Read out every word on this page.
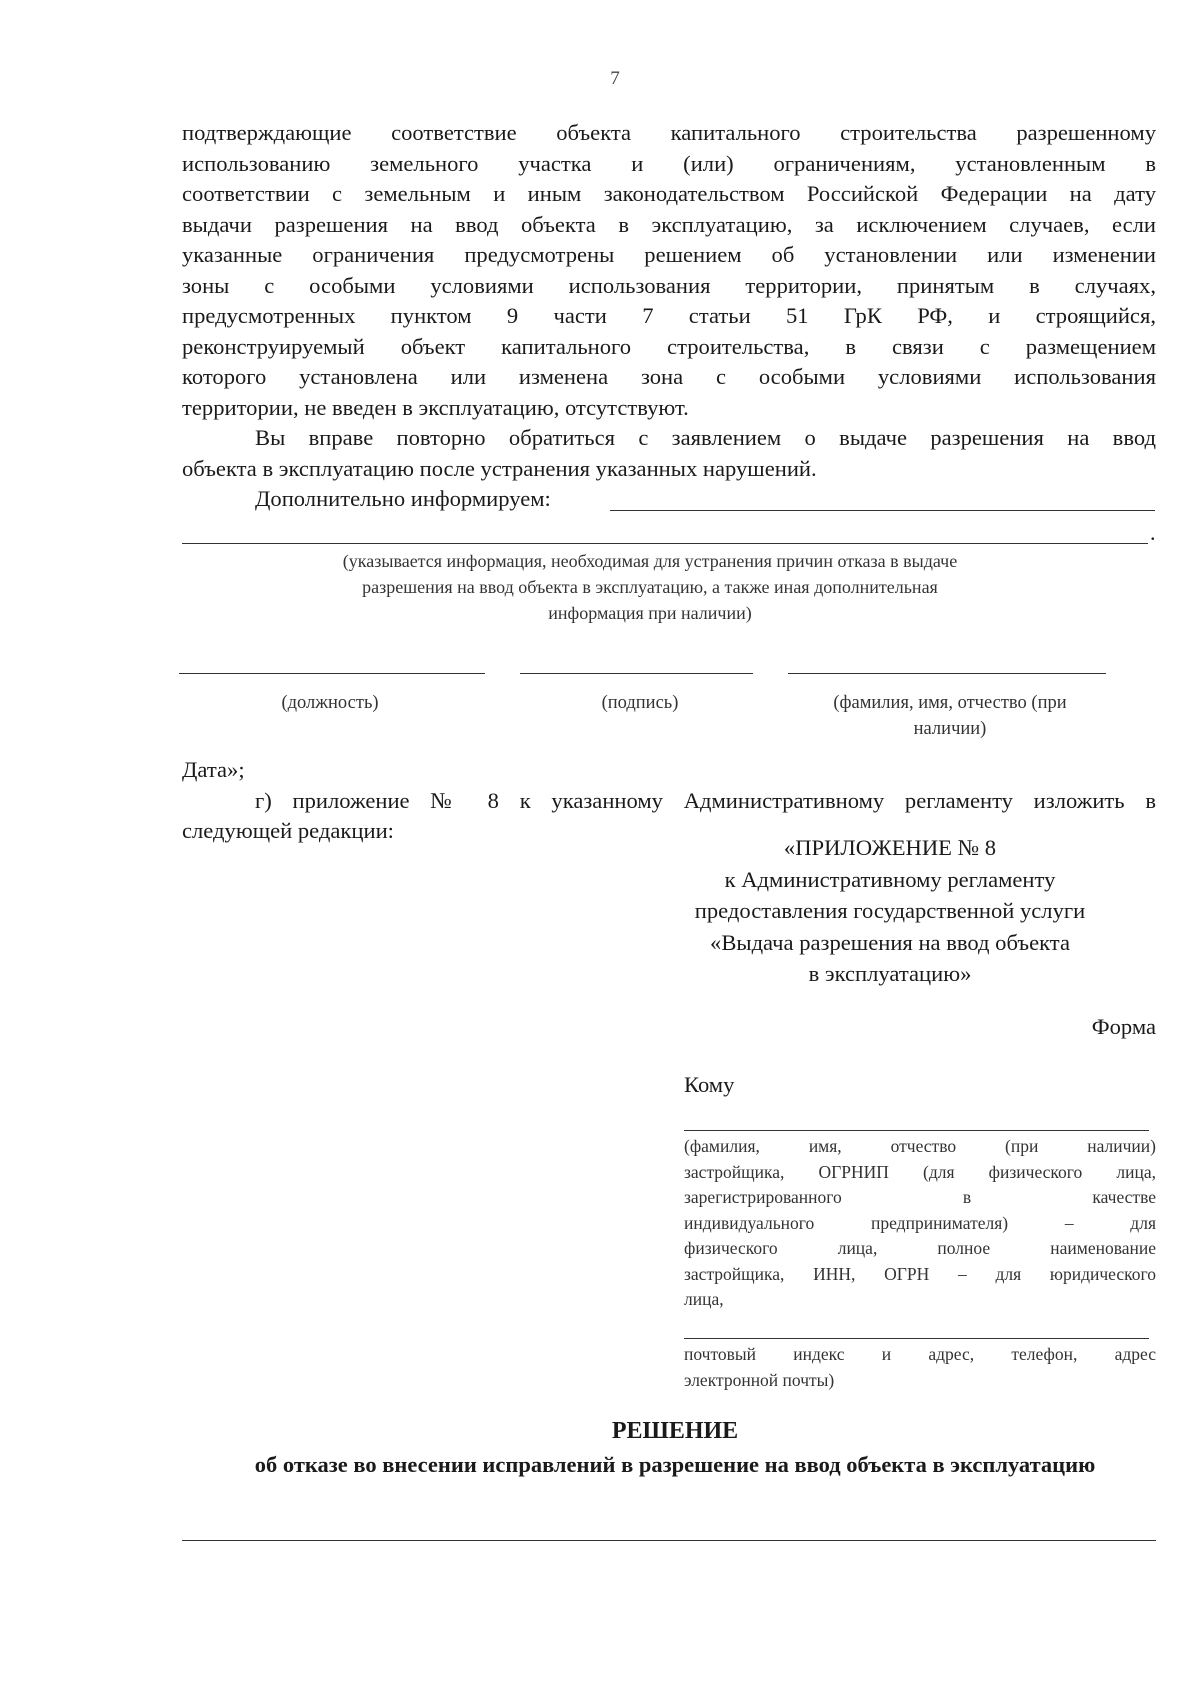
7

подтверждающие соответствие объекта капитального строительства разрешенному
использованию земельного участка и (или) ограничениям, установленным в
соответствии с земельным и иным законодательством Российской Федерации на дату
выдачи разрешения на ввод объекта в эксплуатацию, за исключением случаев, если
указанные ограничения предусмотрены решением об установлении или изменении
зоны с особыми условиями использования территории, принятым в случаях,
предусмотренных пунктом 9 части 7 статьи 51 ГрК РФ, и строящийся,
реконструируемый объект капитального строительства, в связи с размещением
которого установлена или изменена зона с особыми условиями использования
территории, не введен в эксплуатацию, отсутствуют.

Вы вправе повторно обратиться с заявлением о выдаче разрешения на ввод
объекта в эксплуатацию после устранения указанных нарушений.

Дополнительно информируем:

.
(указывается информация, необходимая для устранения причин отказа в выдаче
разрешения на ввод объекта в эксплуатацию, а также иная дополнительная
информация при наличии)
(должность)	(подпись)	(фамилия, имя, отчество (при
наличии)

Дата»;

г) приложение № 8 к указанному Административному регламенту изложить в
следующей редакции:

«ПРИЛОЖЕНИЕ № 8
к Административному регламенту
предоставления государственной услуги
«Выдача разрешения на ввод объекта
в эксплуатацию»
Форма
Кому
(фамилия, имя, отчество (при наличии)
застройщика, ОГРНИП (для физического лица,
зарегистрированного в качестве
индивидуального предпринимателя) – для
физического лица, полное наименование
застройщика, ИНН, ОГРН – для юридического
лица,
почтовый индекс и адрес, телефон, адрес
электронной почты)
РЕШЕНИЕ
об отказе во внесении исправлений в разрешение на ввод объекта в эксплуатацию
